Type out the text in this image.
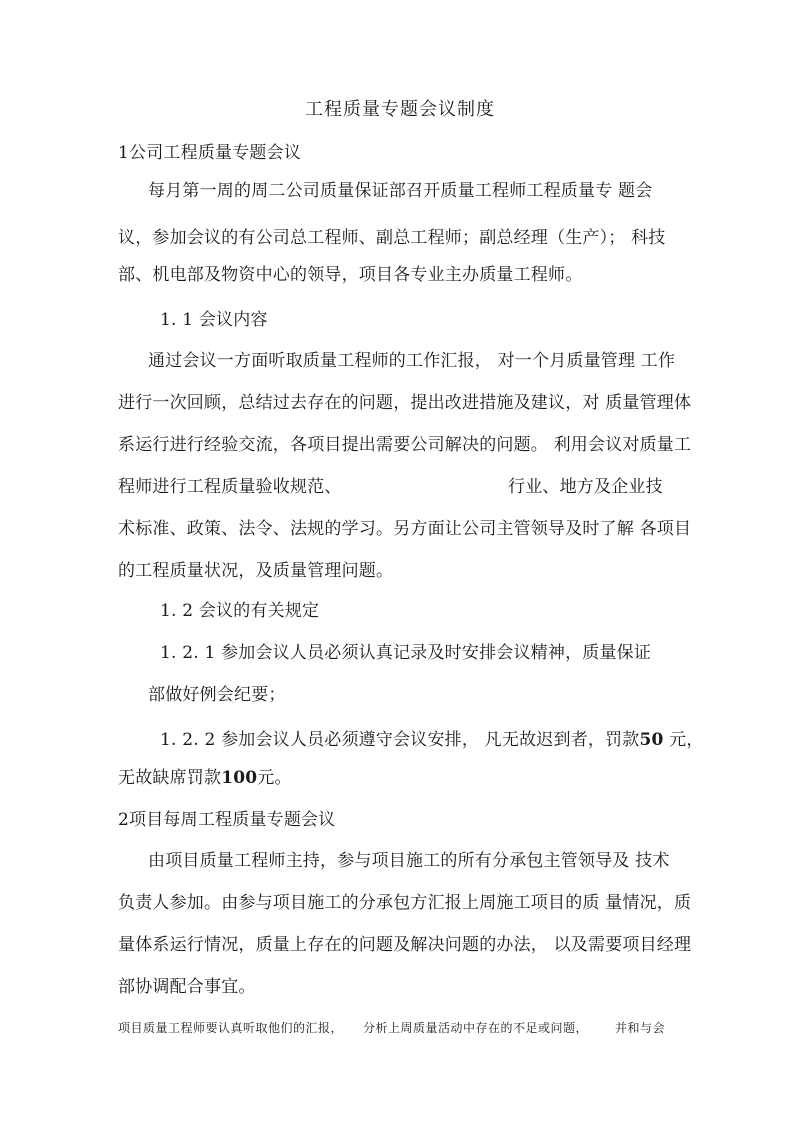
工程质量专题会议制度
1公司工程质量专题会议
每月第一周的周二公司质量保证部召开质量工程师工程质量专 题会
议，参加会议的有公司总工程师、副总工程师；副总经理（生产）； 科技
部、机电部及物资中心的领导，项目各专业主办质量工程师。
1. 1 会议内容
通过会议一方面听取质量工程师的工作汇报， 对一个月质量管理 工作
进行一次回顾，总结过去存在的问题，提出改进措施及建议，对 质量管理体
系运行进行经验交流，各项目提出需要公司解决的问题。 利用会议对质量工
程师进行工程质量验收规范、	行业、地方及企业技
术标准、政策、法令、法规的学习。另方面让公司主管领导及时了解 各项目
的工程质量状况，及质量管理问题。
1. 2 会议的有关规定
1. 2. 1 参加会议人员必须认真记录及时安排会议精神，质量保证
部做好例会纪要；
1. 2. 2 参加会议人员必须遵守会议安排， 凡无故迟到者，罚款50 元，
无故缺席罚款100元。
2项目每周工程质量专题会议
由项目质量工程师主持，参与项目施工的所有分承包主管领导及 技术
负责人参加。由参与项目施工的分承包方汇报上周施工项目的质 量情况，质
量体系运行情况，质量上存在的问题及解决问题的办法， 以及需要项目经理
部协调配合事宜。
项目质量工程师要认真听取他们的汇报， 分析上周质量活动中存在的不足或问题， 并和与会
